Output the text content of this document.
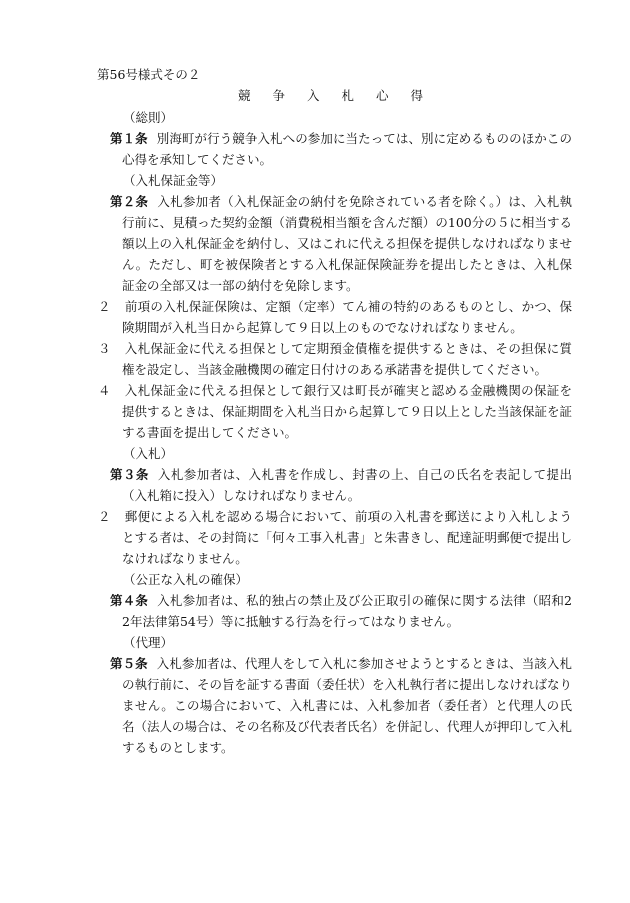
第56号様式その２
競争入札心得

（総則）

第１条 別海町が行う競争入札への参加に当たっては、別に定めるもののほかこの心得を承知してください。

（入札保証金等）

第２条 入札参加者（入札保証金の納付を免除されている者を除く。）は、入札執行前に、見積った契約金額（消費税相当額を含んだ額）の100分の５に相当する額以上の入札保証金を納付し、又はこれに代える担保を提供しなければなりません。ただし、町を被保険者とする入札保証保険証券を提出したときは、入札保証金の全部又は一部の納付を免除します。

２ 前項の入札保証保険は、定額（定率）てん補の特約のあるものとし、かつ、保険期間が入札当日から起算して９日以上のものでなければなりません。

３ 入札保証金に代える担保として定期預金債権を提供するときは、その担保に質権を設定し、当該金融機関の確定日付けのある承諾書を提供してください。

４ 入札保証金に代える担保として銀行又は町長が確実と認める金融機関の保証を提供するときは、保証期間を入札当日から起算して９日以上とした当該保証を証する書面を提出してください。

（入札）

第３条 入札参加者は、入札書を作成し、封書の上、自己の氏名を表記して提出（入札箱に投入）しなければなりません。

２ 郵便による入札を認める場合において、前項の入札書を郵送により入札しようとする者は、その封筒に「何々工事入札書」と朱書きし、配達証明郵便で提出しなければなりません。

（公正な入札の確保）

第４条 入札参加者は、私的独占の禁止及び公正取引の確保に関する法律（昭和22年法律第54号）等に抵触する行為を行ってはなりません。

（代理）

第５条 入札参加者は、代理人をして入札に参加させようとするときは、当該入札の執行前に、その旨を証する書面（委任状）を入札執行者に提出しなければなりません。この場合において、入札書には、入札参加者（委任者）と代理人の氏名（法人の場合は、その名称及び代表者氏名）を併記し、代理人が押印して入札するものとします。
